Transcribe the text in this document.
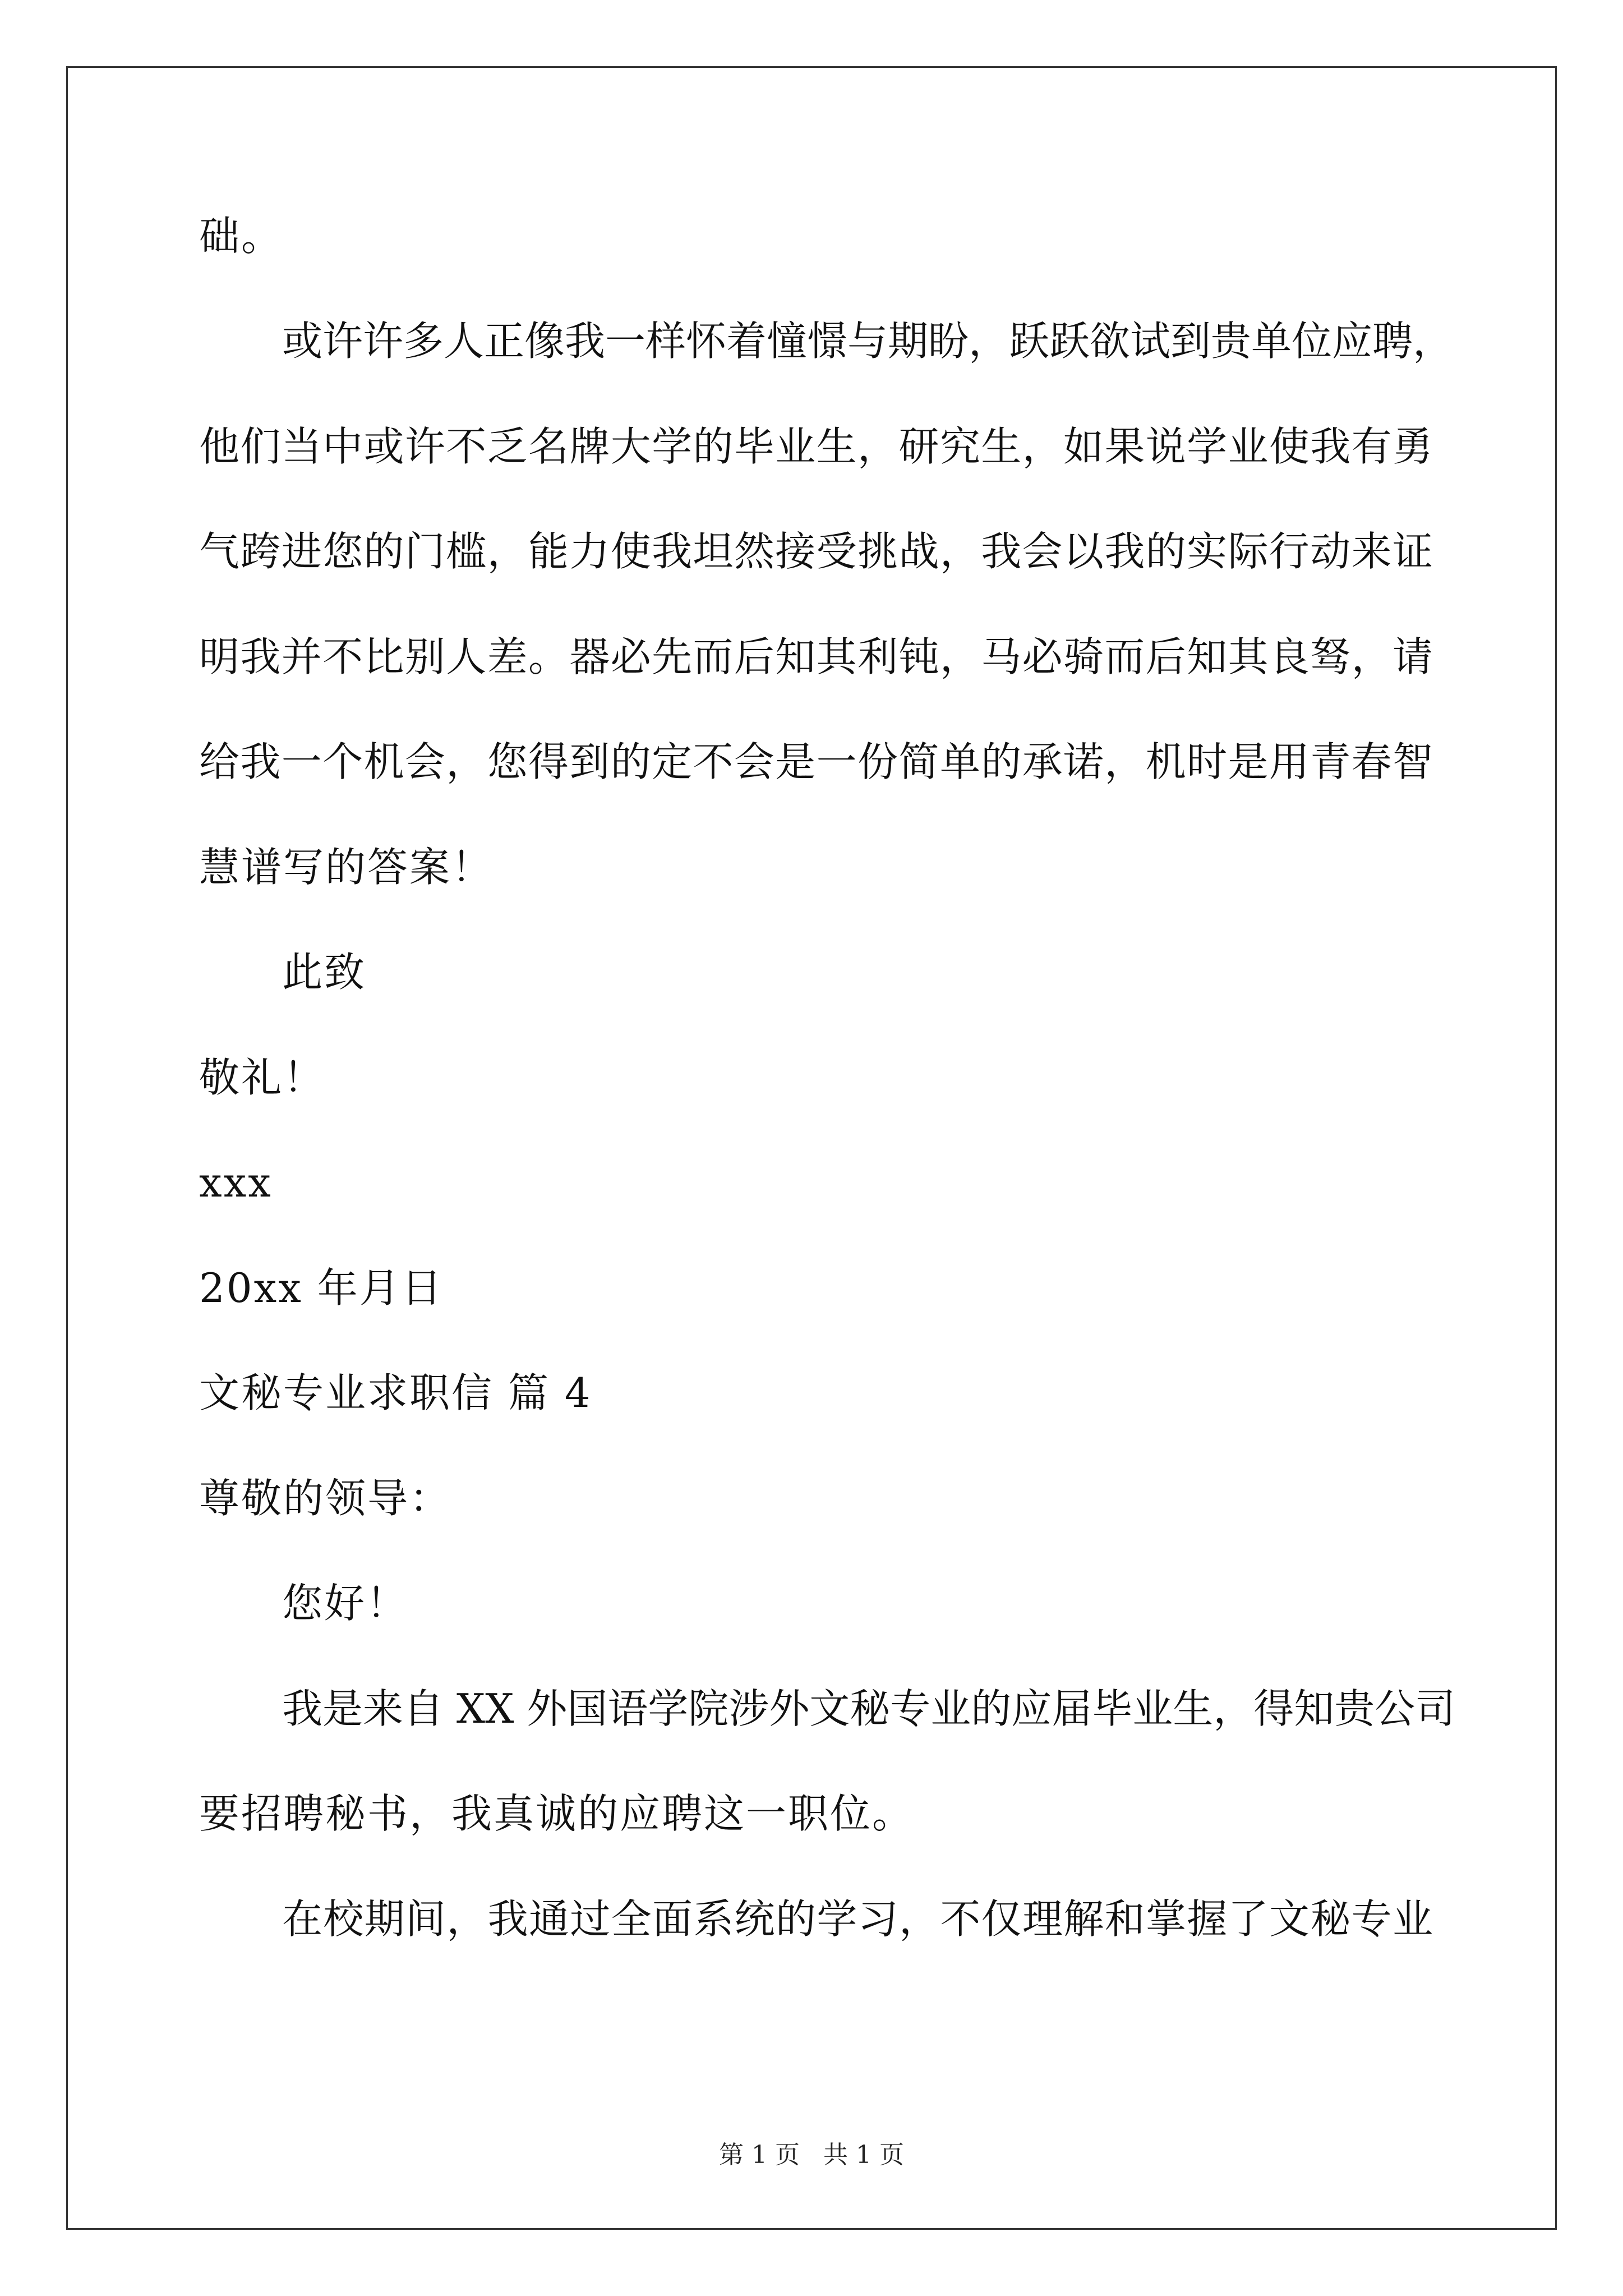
础。
或许许多人正像我一样怀着憧憬与期盼，跃跃欲试到贵单位应聘，
他们当中或许不乏名牌大学的毕业生，研究生，如果说学业使我有勇
气跨进您的门槛，能力使我坦然接受挑战，我会以我的实际行动来证
明我并不比别人差。器必先而后知其利钝，马必骑而后知其良驽，请
给我一个机会，您得到的定不会是一份简单的承诺，机时是用青春智
慧谱写的答案！
此致
敬礼！
xxx
20xx 年月日
文秘专业求职信 篇 4
尊敬的领导：
您好！
我是来自 XX 外国语学院涉外文秘专业的应届毕业生，得知贵公司
要招聘秘书，我真诚的应聘这一职位。
在校期间，我通过全面系统的学习，不仅理解和掌握了文秘专业
第 1 页   共 1 页
